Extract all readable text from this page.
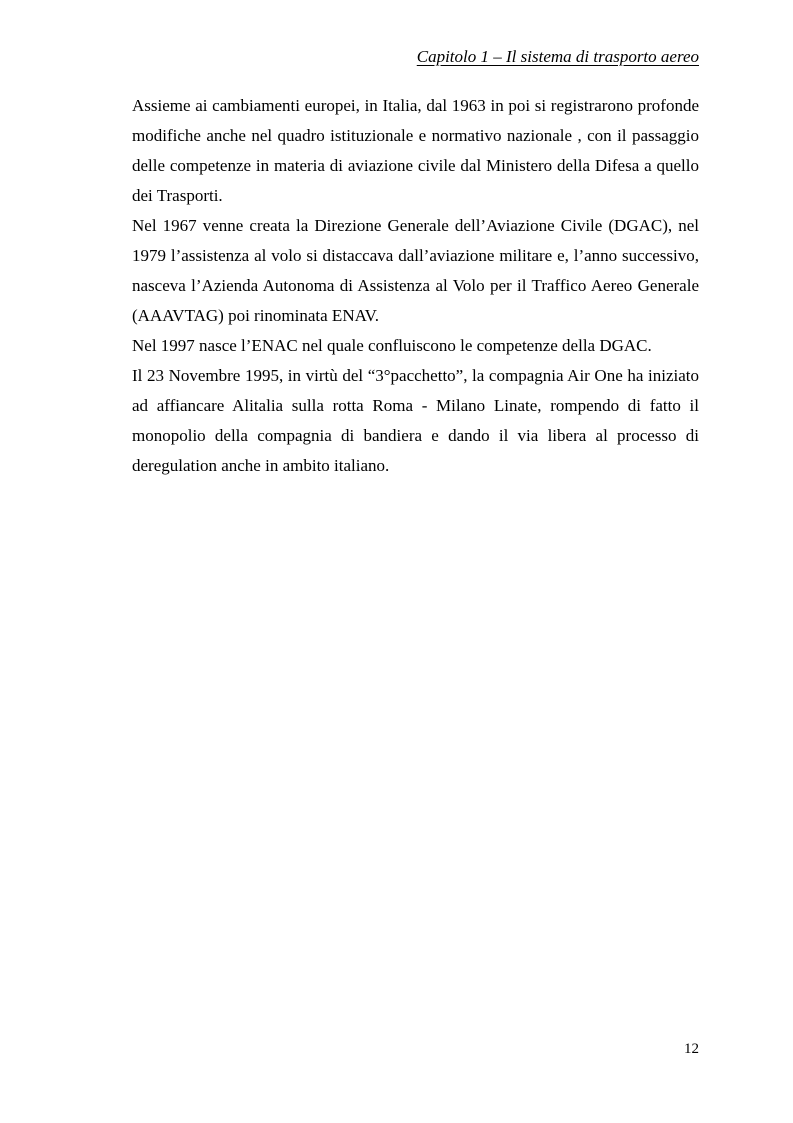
Capitolo 1 – Il sistema di trasporto aereo

Assieme ai cambiamenti europei, in Italia, dal 1963 in poi si registrarono profonde modifiche anche nel quadro istituzionale e normativo nazionale , con il passaggio delle competenze in materia di aviazione civile dal Ministero della Difesa a quello dei Trasporti.

Nel 1967 venne creata la Direzione Generale dell’Aviazione Civile (DGAC), nel 1979 l’assistenza al volo si distaccava dall’aviazione militare e, l’anno successivo, nasceva l’Azienda Autonoma di Assistenza al Volo per il Traffico Aereo Generale (AAAVTAG) poi rinominata ENAV.

Nel 1997 nasce l’ENAC nel quale confluiscono le competenze della DGAC.

Il 23 Novembre 1995, in virtù del “3°pacchetto”, la compagnia Air One ha iniziato ad affiancare Alitalia sulla rotta Roma - Milano Linate, rompendo di fatto il monopolio della compagnia di bandiera e dando il via libera al processo di deregulation anche in ambito italiano.

12
